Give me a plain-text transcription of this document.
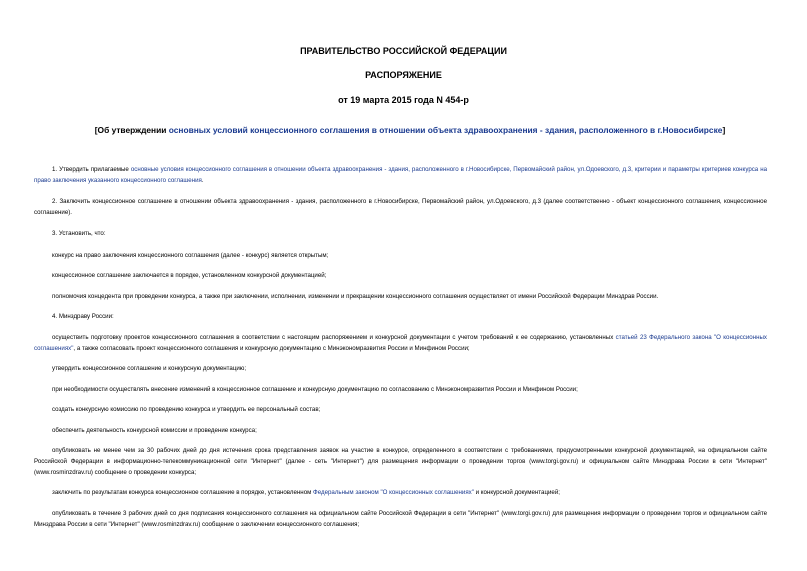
ПРАВИТЕЛЬСТВО РОССИЙСКОЙ ФЕДЕРАЦИИ
РАСПОРЯЖЕНИЕ
от 19 марта 2015 года N 454-р
[Об утверждении основных условий концессионного соглашения в отношении объекта здравоохранения - здания, расположенного в г.Новосибирске]
1. Утвердить прилагаемые основные условия концессионного соглашения в отношении объекта здравоохранения - здания, расположенного в г.Новосибирске, Первомайский район, ул.Одоевского, д.3, критерии и параметры критериев конкурса на право заключения указанного концессионного соглашения.
2. Заключить концессионное соглашение в отношении объекта здравоохранения - здания, расположенного в г.Новосибирске, Первомайский район, ул.Одоевского, д.3 (далее соответственно - объект концессионного соглашения, концессионное соглашение).
3. Установить, что:
конкурс на право заключения концессионного соглашения (далее - конкурс) является открытым;
концессионное соглашение заключается в порядке, установленном конкурсной документацией;
полномочия концедента при проведении конкурса, а также при заключении, исполнении, изменении и прекращении концессионного соглашения осуществляет от имени Российской Федерации Минздрав России.
4. Минздраву России:
осуществить подготовку проектов концессионного соглашения в соответствии с настоящим распоряжением и конкурсной документации с учетом требований к ее содержанию, установленных статьей 23 Федерального закона "О концессионных соглашениях", а также согласовать проект концессионного соглашения и конкурсную документацию с Минэкономразвития России и Минфином России;
утвердить концессионное соглашение и конкурсную документацию;
при необходимости осуществлять внесение изменений в концессионное соглашение и конкурсную документацию по согласованию с Минэкономразвития России и Минфином России;
создать конкурсную комиссию по проведению конкурса и утвердить ее персональный состав;
обеспечить деятельность конкурсной комиссии и проведение конкурса;
опубликовать не менее чем за 30 рабочих дней до дня истечения срока представления заявок на участие в конкурсе, определенного в соответствии с требованиями, предусмотренными конкурсной документацией, на официальном сайте Российской Федерации в информационно-телекоммуникационной сети "Интернет" (далее - сеть "Интернет") для размещения информации о проведении торгов (www.torgi.gov.ru) и официальном сайте Минздрава России в сети "Интернет" (www.rosminzdrav.ru) сообщение о проведении конкурса;
заключить по результатам конкурса концессионное соглашение в порядке, установленном Федеральным законом "О концессионных соглашениях" и конкурсной документацией;
опубликовать в течение 3 рабочих дней со дня подписания концессионного соглашения на официальном сайте Российской Федерации в сети "Интернет" (www.torgi.gov.ru) для размещения информации о проведении торгов и официальном сайте Минздрава России в сети "Интернет" (www.rosminzdrav.ru) сообщение о заключении концессионного соглашения;
